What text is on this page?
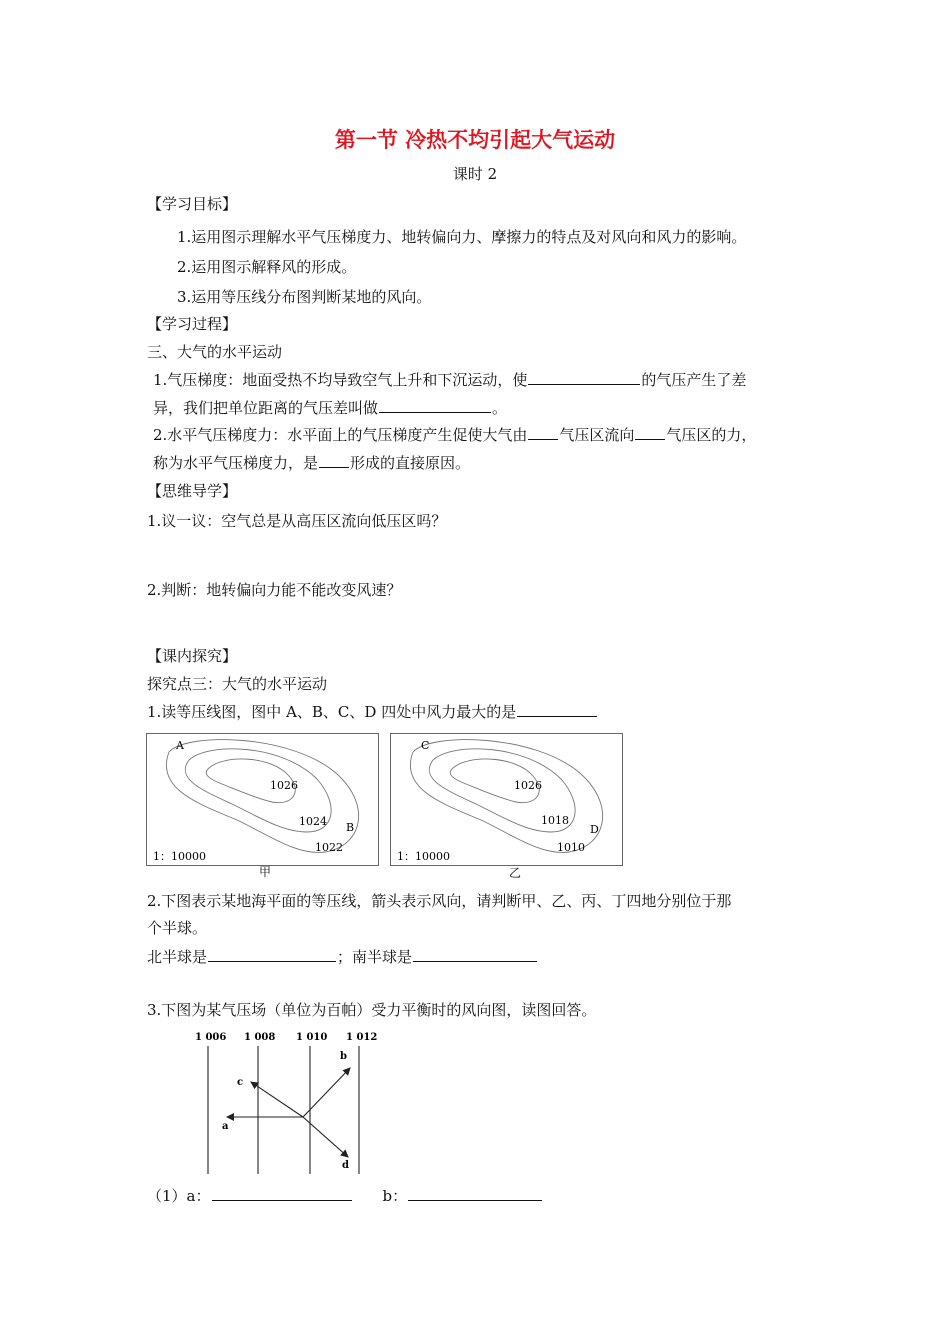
第一节 冷热不均引起大气运动
课时 2
【学习目标】
1.运用图示理解水平气压梯度力、地转偏向力、摩擦力的特点及对风向和风力的影响。
2.运用图示解释风的形成。
3.运用等压线分布图判断某地的风向。
【学习过程】
三、大气的水平运动
1.气压梯度：地面受热不均导致空气上升和下沉运动，使	的气压产生了差
异，我们把单位距离的气压差叫做	。
2.水平气压梯度力：水平面上的气压梯度产生促使大气由 气压区流向 气压区的力，
称为水平气压梯度力，是 形成的直接原因。
【思维导学】
1.议一议：空气总是从高压区流向低压区吗？
2.判断：地转偏向力能不能改变风速？
【课内探究】
探究点三：大气的水平运动
1.读等压线图，图中 A、B、C、D 四处中风力最大的是
A
1026
1024 B
1022
1：10000
甲
C
1026
1018
D
1010
1：10000
乙
2.下图表示某地海平面的等压线，箭头表示风向，请判断甲、乙、丙、丁四地分别位于那
个半球。
北半球是	；南半球是
3.下图为某气压场（单位为百帕）受力平衡时的风向图，读图回答。
1 006 1 008 1 010 1 012
a
b
c
d
（1）a：	b：
